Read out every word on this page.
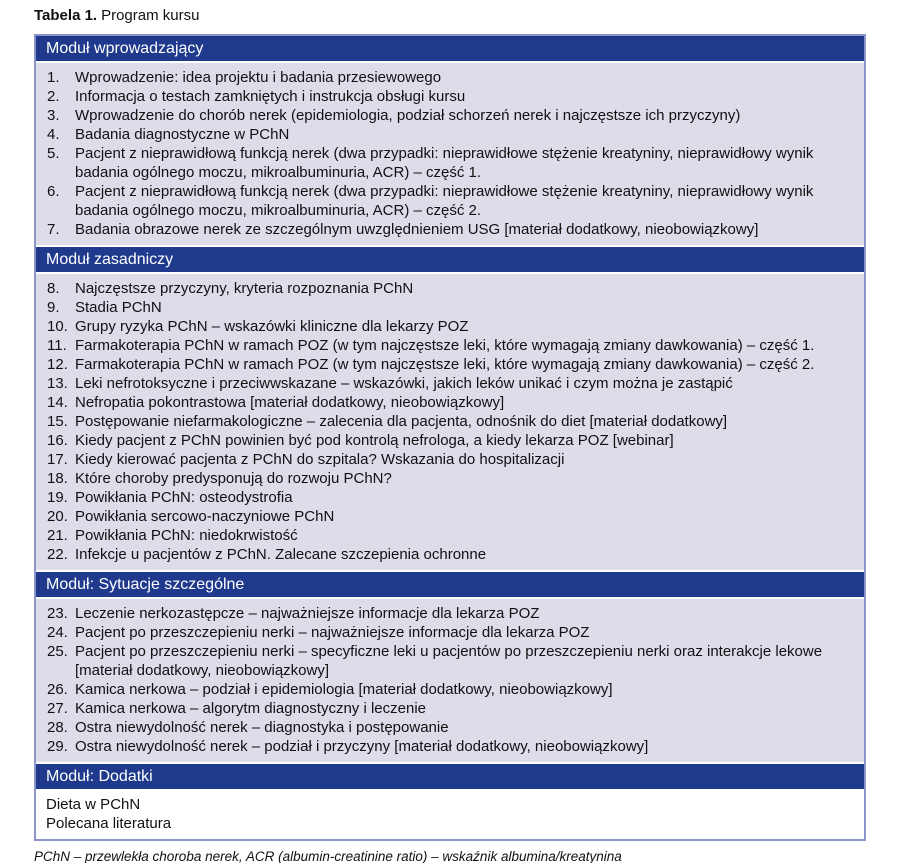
Tabela 1. Program kursu
Moduł wprowadzający
1.	Wprowadzenie: idea projektu i badania przesiewowego
2.	Informacja o testach zamkniętych i instrukcja obsługi kursu
3.	Wprowadzenie do chorób nerek (epidemiologia, podział schorzeń nerek i najczęstsze ich przyczyny)
4.	Badania diagnostyczne w PChN
5.	Pacjent z nieprawidłową funkcją nerek (dwa przypadki: nieprawidłowe stężenie kreatyniny, nieprawidłowy wynik badania ogólnego moczu, mikroalbuminuria, ACR) – część 1.
6.	Pacjent z nieprawidłową funkcją nerek (dwa przypadki: nieprawidłowe stężenie kreatyniny, nieprawidłowy wynik badania ogólnego moczu, mikroalbuminuria, ACR) – część 2.
7.	Badania obrazowe nerek ze szczególnym uwzględnieniem USG [materiał dodatkowy, nieobowiązkowy]
Moduł zasadniczy
8.	Najczęstsze przyczyny, kryteria rozpoznania PChN
9.	Stadia PChN
10. Grupy ryzyka PChN – wskazówki kliniczne dla lekarzy POZ
11. Farmakoterapia PChN w ramach POZ (w tym najczęstsze leki, które wymagają zmiany dawkowania) – część 1.
12. Farmakoterapia PChN w ramach POZ (w tym najczęstsze leki, które wymagają zmiany dawkowania) – część 2.
13. Leki nefrotoksyczne i przeciwwskazane – wskazówki, jakich leków unikać i czym można je zastąpić
14. Nefropatia pokontrastowa [materiał dodatkowy, nieobowiązkowy]
15. Postępowanie niefarmakologiczne – zalecenia dla pacjenta, odnośnik do diet [materiał dodatkowy]
16. Kiedy pacjent z PChN powinien być pod kontrolą nefrologa, a kiedy lekarza POZ [webinar]
17. Kiedy kierować pacjenta z PChN do szpitala? Wskazania do hospitalizacji
18. Które choroby predysponują do rozwoju PChN?
19. Powikłania PChN: osteodystrofia
20. Powikłania sercowo-naczyniowe PChN
21. Powikłania PChN: niedokrwistość
22. Infekcje u pacjentów z PChN. Zalecane szczepienia ochronne
Moduł: Sytuacje szczególne
23. Leczenie nerkozastępcze – najważniejsze informacje dla lekarza POZ
24. Pacjent po przeszczepieniu nerki – najważniejsze informacje dla lekarza POZ
25. Pacjent po przeszczepieniu nerki – specyficzne leki u pacjentów po przeszczepieniu nerki oraz interakcje lekowe [materiał dodatkowy, nieobowiązkowy]
26. Kamica nerkowa – podział i epidemiologia [materiał dodatkowy, nieobowiązkowy]
27. Kamica nerkowa – algorytm diagnostyczny i leczenie
28. Ostra niewydolność nerek – diagnostyka i postępowanie
29. Ostra niewydolność nerek – podział i przyczyny [materiał dodatkowy, nieobowiązkowy]
Moduł: Dodatki
Dieta w PChN
Polecana literatura
PChN – przewlekła choroba nerek, ACR (albumin-creatinine ratio) – wskaźnik albumina/kreatynina
